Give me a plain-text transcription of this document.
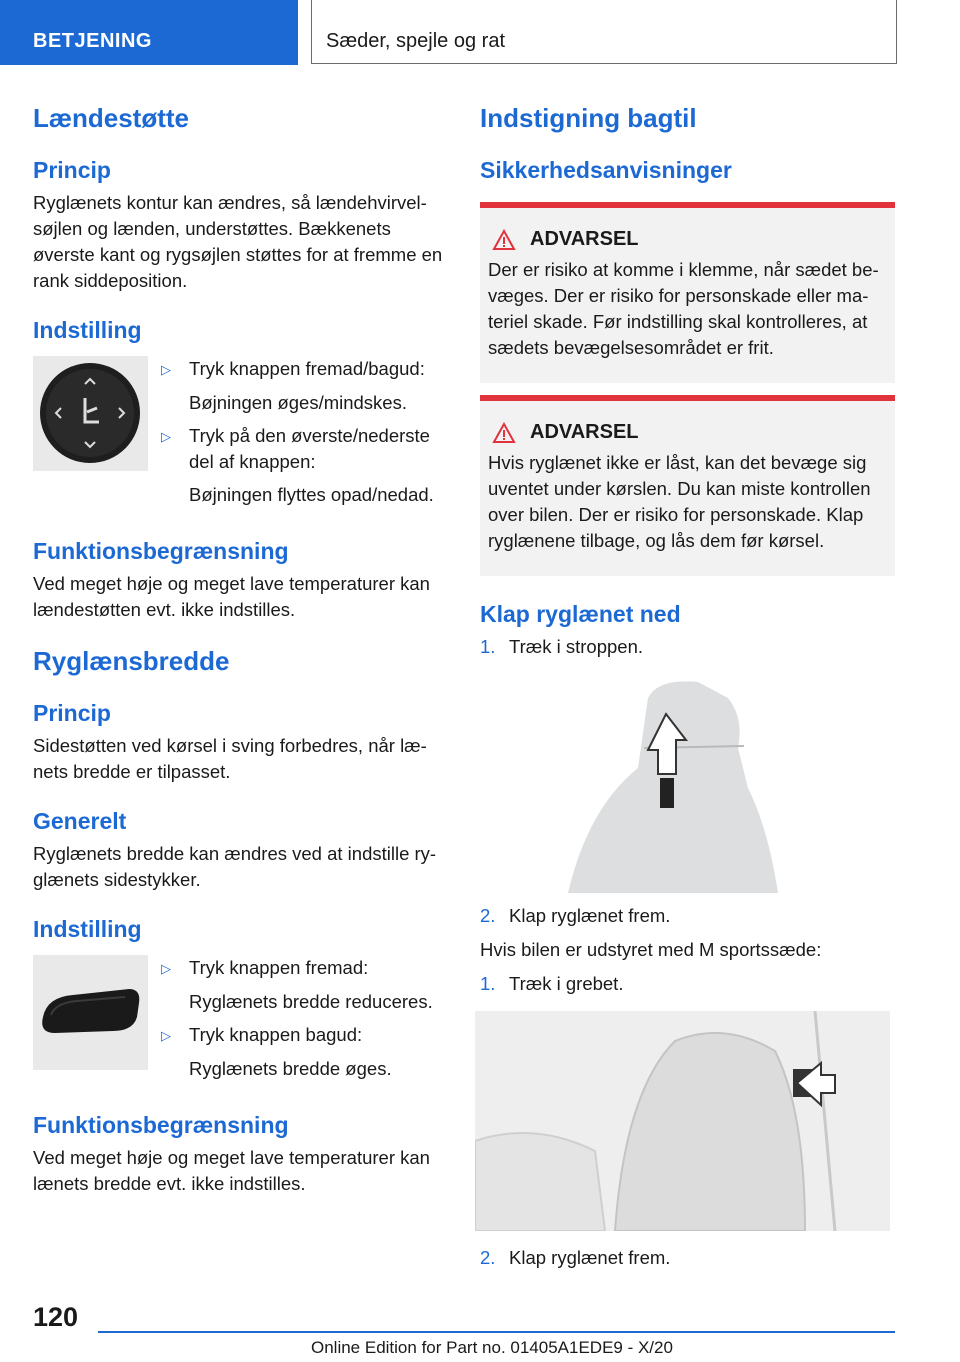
BETJENING	Sæder, spejle og rat
Lændestøtte
Princip

Ryglænets kontur kan ændres, så lændehvirvel-søjlen og lænden, understøttes. Bækkenets øverste kant og rygsøjlen støttes for at fremme en rank siddeposition.

Indstilling
▷ Tryk knappen fremad/bagud:
Bøjningen øges/mindskes.
▷ Tryk på den øverste/nederste del af knappen:
Bøjningen flyttes opad/nedad.
Funktionsbegrænsning

Ved meget høje og meget lave temperaturer kan lændestøtten evt. ikke indstilles.

Ryglænsbredde
Princip

Sidestøtten ved kørsel i sving forbedres, når læ-nets bredde er tilpasset.

Generelt

Ryglænets bredde kan ændres ved at indstille ry-glænets sidestykker.

Indstilling
▷ Tryk knappen fremad:
Ryglænets bredde reduceres.
▷ Tryk knappen bagud:
Ryglænets bredde øges.
Funktionsbegrænsning

Ved meget høje og meget lave temperaturer kan lænets bredde evt. ikke indstilles.

Indstigning bagtil
Sikkerhedsanvisninger
ADVARSEL

Der er risiko at komme i klemme, når sædet be-væges. Der er risiko for personskade eller ma-teriel skade. Før indstilling skal kontrolleres, at sædets bevægelsesområdet er frit.

ADVARSEL

Hvis ryglænet ikke er låst, kan det bevæge sig uventet under kørslen. Du kan miste kontrollen over bilen. Der er risiko for personskade. Klap ryglænene tilbage, og lås dem før kørsel.

Klap ryglænet ned
1. Træk i stroppen.
2. Klap ryglænet frem.

Hvis bilen er udstyret med M sportssæde:

1. Træk i grebet.
2. Klap ryglænet frem.
120
Online Edition for Part no. 01405A1EDE9 - X/20
